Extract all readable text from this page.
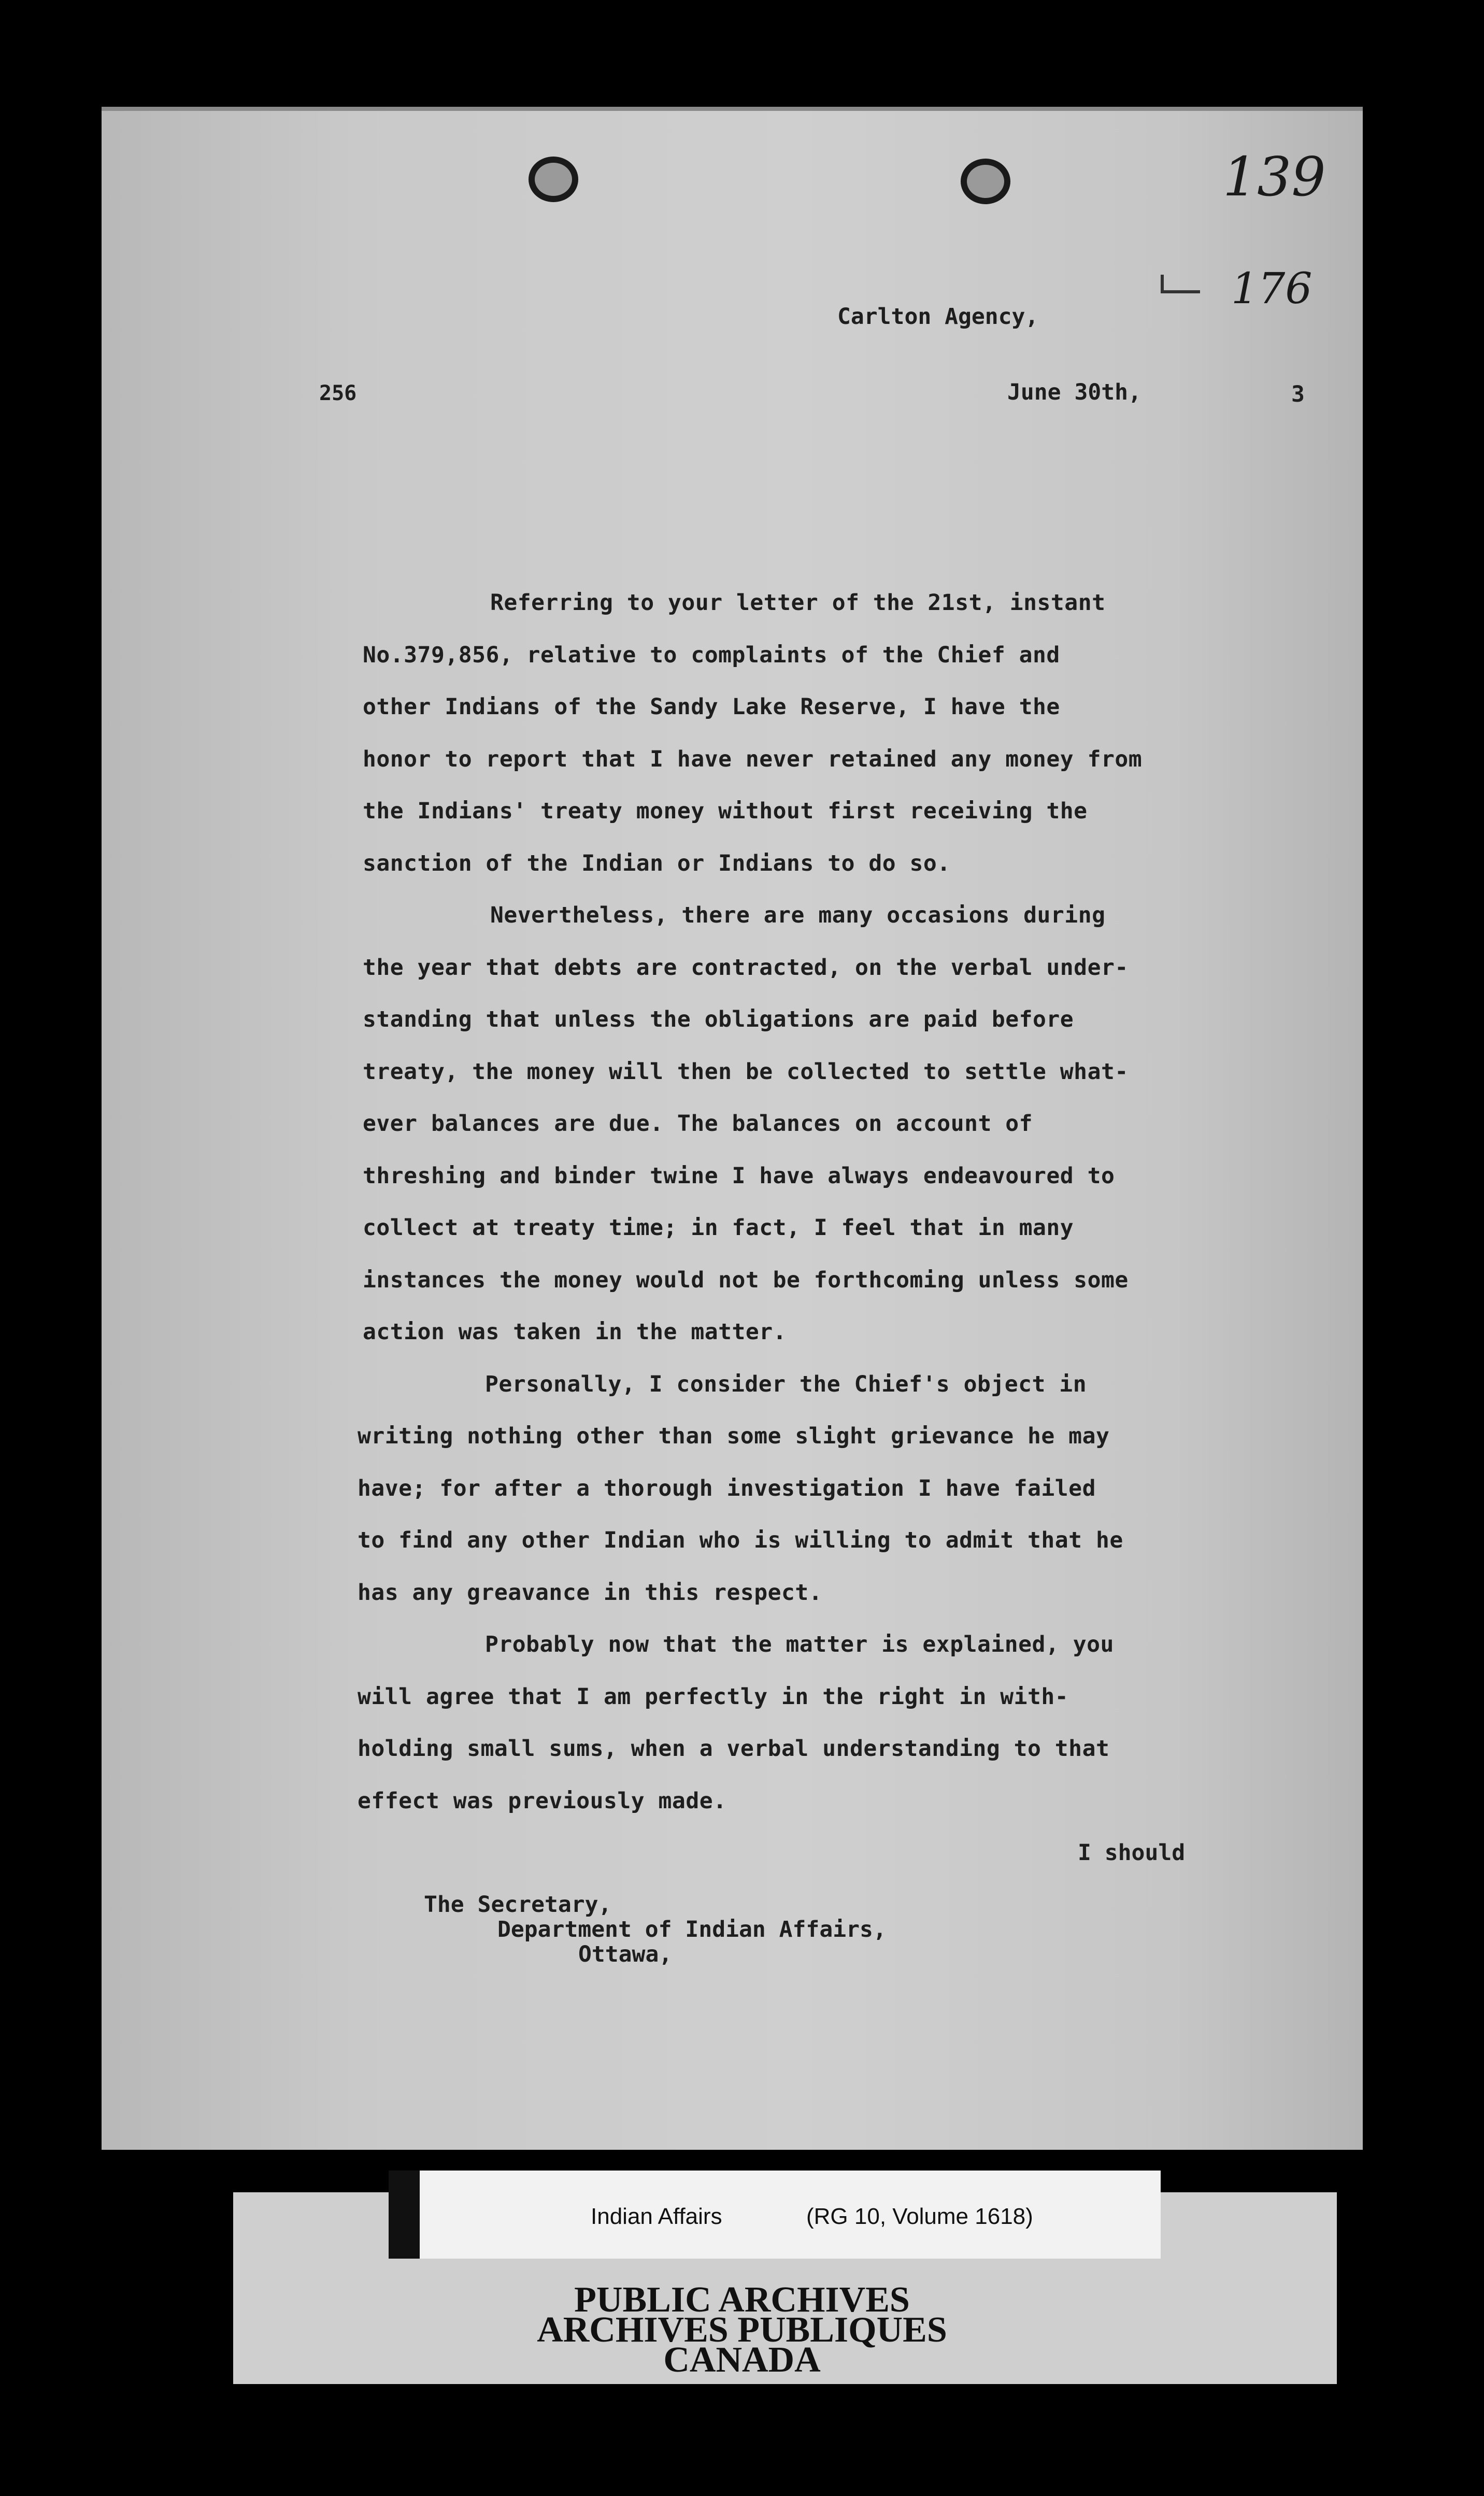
139
176
Carlton Agency,
256	June 30th,	3
Referring to your letter of the 21st, instant
No.379,856, relative to complaints of the Chief and
other Indians of the Sandy Lake Reserve, I have the
honor to report that I have never retained any money from
the Indians' treaty money without first receiving the
sanction of the Indian or Indians to do so.
Nevertheless, there are many occasions during
the year that debts are contracted, on the verbal under-
standing that unless the obligations are paid before
treaty, the money will then be collected to settle what-
ever balances are due. The balances on account of
threshing and binder twine I have always endeavoured to
collect at treaty time; in fact, I feel that in many
instances the money would not be forthcoming unless some
action was taken in the matter.
Personally, I consider the Chief's object in
writing nothing other than some slight grievance he may
have; for after a thorough investigation I have failed
to find any other Indian who is willing to admit that he
has any greavance in this respect.
Probably now that the matter is explained, you
will agree that I am perfectly in the right in with-
holding small sums, when a verbal understanding to that
effect was previously made.
I should
The Secretary,
Department of Indian Affairs,
Ottawa,
Indian Affairs	(RG 10, Volume 1618)
PUBLIC ARCHIVES
ARCHIVES PUBLIQUES
CANADA
